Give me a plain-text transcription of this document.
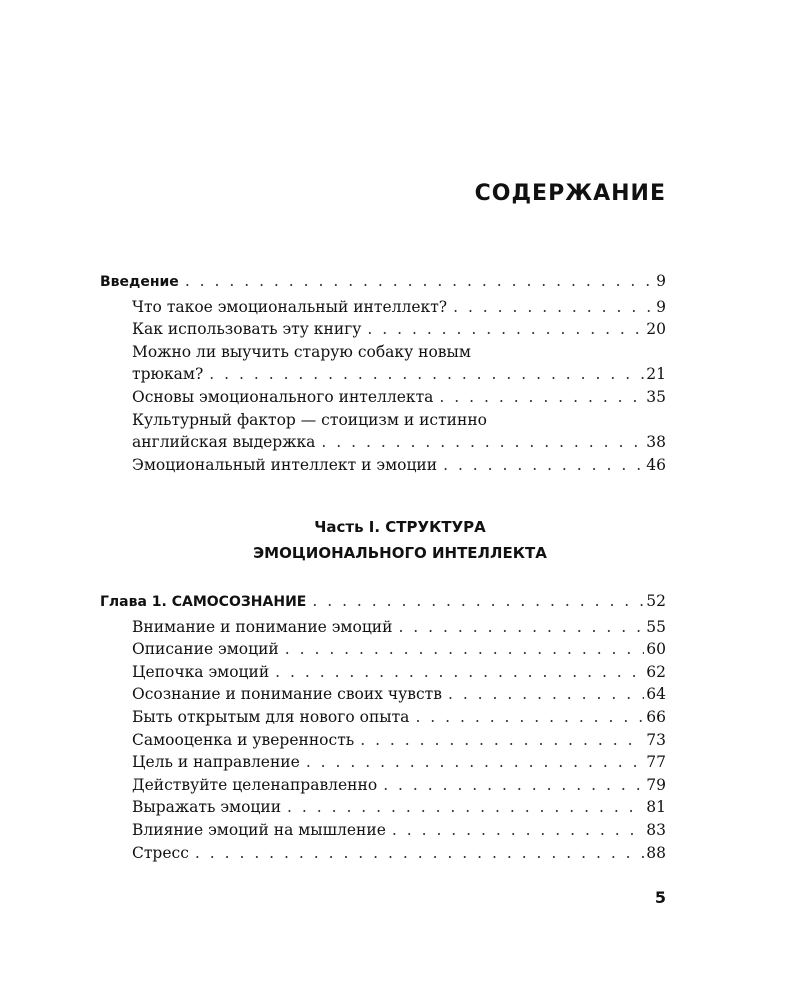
СОДЕРЖАНИЕ
Введение . . .	9
Что такое эмоциональный интеллект? . . .	9
Как использовать эту книгу . . .	20
Можно ли выучить старую собаку новым
трюкам? . . .	21
Основы эмоционального интеллекта . . .	35
Культурный фактор — стоицизм и истинно
английская выдержка . . .	38
Эмоциональный интеллект и эмоции . . .	46
Часть I. СТРУКТУРА
ЭМОЦИОНАЛЬНОГО ИНТЕЛЛЕКТА
Глава 1. САМОСОЗНАНИЕ . . .	52
Внимание и понимание эмоций . . .	55
Описание эмоций . . .	60
Цепочка эмоций . . .	62
Осознание и понимание своих чувств . . .	64
Быть открытым для нового опыта . . .	66
Самооценка и уверенность . . .	73
Цель и направление . . .	77
Действуйте целенаправленно . . .	79
Выражать эмоции . . .	81
Влияние эмоций на мышление . . .	83
Стресс . . .	88
5
